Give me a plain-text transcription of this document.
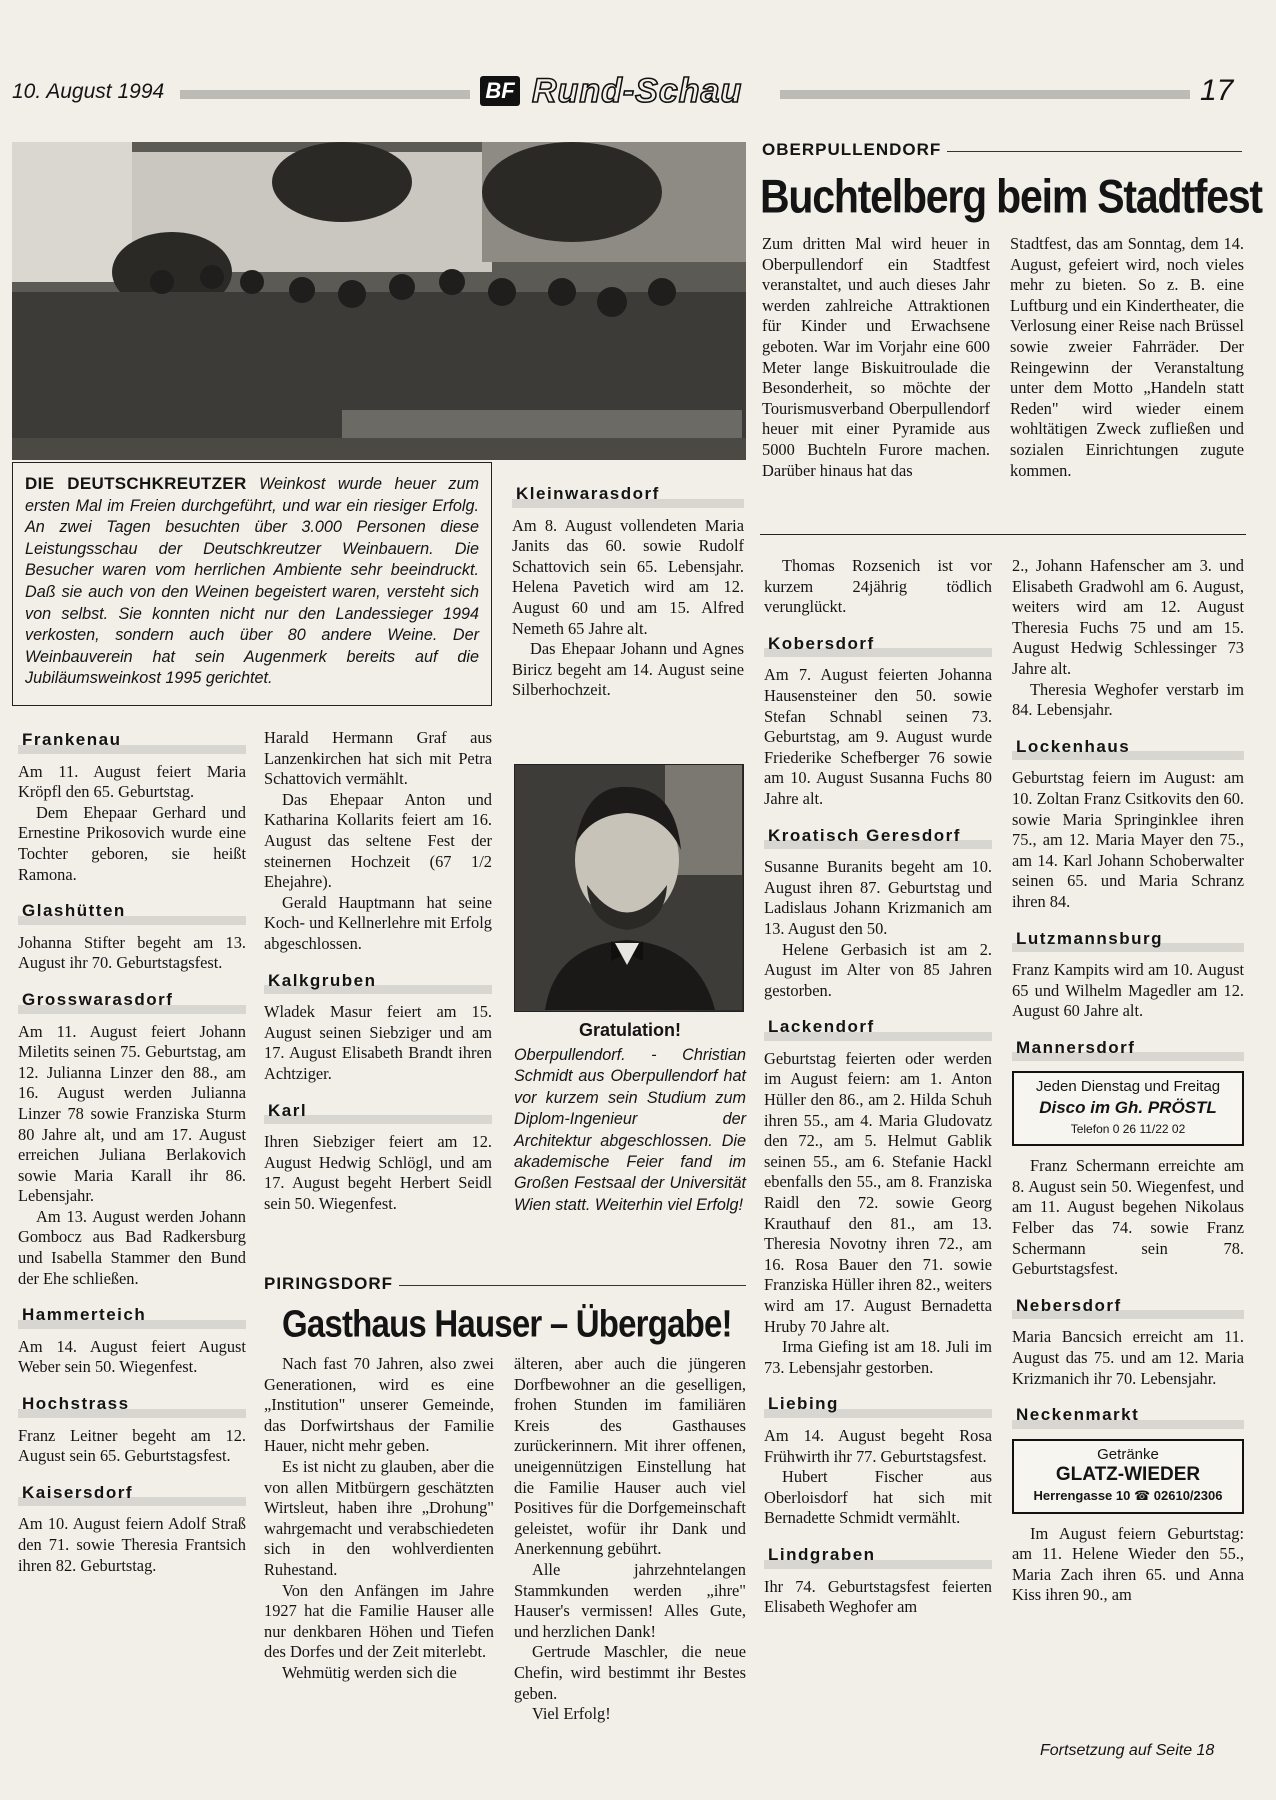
10. August 1994	BF Rund-Schau	17
DIE DEUTSCHKREUTZER Weinkost wurde heuer zum ersten Mal im Freien durchgeführt, und war ein riesiger Erfolg. An zwei Tagen besuchten über 3.000 Personen diese Leistungsschau der Deutschkreutzer Weinbauern. Die Besucher waren vom herrlichen Ambiente sehr beeindruckt. Daß sie auch von den Weinen begeistert waren, versteht sich von selbst. Sie konnten nicht nur den Landessieger 1994 verkosten, sondern auch über 80 andere Weine. Der Weinbauverein hat sein Augenmerk bereits auf die Jubiläumsweinkost 1995 gerichtet.
OBERPULLENDORF
Buchtelberg beim Stadtfest

Zum dritten Mal wird heuer in Oberpullendorf ein Stadtfest veranstaltet, und auch dieses Jahr werden zahlreiche Attraktionen für Kinder und Erwachsene geboten. War im Vorjahr eine 600 Meter lange Biskuitroulade die Besonderheit, so möchte der Tourismusverband Oberpullendorf heuer mit einer Pyramide aus 5000 Buchteln Furore machen. Darüber hinaus hat das

Stadtfest, das am Sonntag, dem 14. August, gefeiert wird, noch vieles mehr zu bieten. So z. B. eine Luftburg und ein Kindertheater, die Verlosung einer Reise nach Brüssel sowie zweier Fahrräder. Der Reingewinn der Veranstaltung unter dem Motto „Handeln statt Reden" wird wieder einem wohltätigen Zweck zufließen und sozialen Einrichtungen zugute kommen.

Frankenau

Am 11. August feiert Maria Kröpfl den 65. Geburtstag.

Dem Ehepaar Gerhard und Ernestine Prikosovich wurde eine Tochter geboren, sie heißt Ramona.

Glashütten

Johanna Stifter begeht am 13. August ihr 70. Geburtstagsfest.

Grosswarasdorf

Am 11. August feiert Johann Miletits seinen 75. Geburtstag, am 12. Julianna Linzer den 88., am 16. August werden Julianna Linzer 78 sowie Franziska Sturm 80 Jahre alt, und am 17. August erreichen Juliana Berlakovich sowie Maria Karall ihr 86. Lebensjahr.

Am 13. August werden Johann Gombocz aus Bad Radkersburg und Isabella Stammer den Bund der Ehe schließen.

Hammerteich

Am 14. August feiert August Weber sein 50. Wiegenfest.

Hochstrass

Franz Leitner begeht am 12. August sein 65. Geburtstagsfest.

Kaisersdorf

Am 10. August feiern Adolf Straß den 71. sowie Theresia Frantsich ihren 82. Geburtstag.

Harald Hermann Graf aus Lanzenkirchen hat sich mit Petra Schattovich vermählt.

Das Ehepaar Anton und Katharina Kollarits feiert am 16. August das seltene Fest der steinernen Hochzeit (67 1/2 Ehejahre).

Gerald Hauptmann hat seine Koch- und Kellnerlehre mit Erfolg abgeschlossen.

Kalkgruben

Wladek Masur feiert am 15. August seinen Siebziger und am 17. August Elisabeth Brandt ihren Achtziger.

Karl

Ihren Siebziger feiert am 12. August Hedwig Schlögl, und am 17. August begeht Herbert Seidl sein 50. Wiegenfest.

Kleinwarasdorf

Am 8. August vollendeten Maria Janits das 60. sowie Rudolf Schattovich sein 65. Lebensjahr. Helena Pavetich wird am 12. August 60 und am 15. Alfred Nemeth 65 Jahre alt.

Das Ehepaar Johann und Agnes Biricz begeht am 14. August seine Silberhochzeit.

Gratulation!
Oberpullendorf. - Christian Schmidt aus Oberpullendorf hat vor kurzem sein Studium zum Diplom-Ingenieur der Architektur abgeschlossen. Die akademische Feier fand im Großen Festsaal der Universität Wien statt. Weiterhin viel Erfolg!
PIRINGSDORF
Gasthaus Hauser – Übergabe!

Nach fast 70 Jahren, also zwei Generationen, wird es eine „Institution" unserer Gemeinde, das Dorfwirtshaus der Familie Hauer, nicht mehr geben.

Es ist nicht zu glauben, aber die von allen Mitbürgern geschätzten Wirtsleut, haben ihre „Drohung" wahrgemacht und verabschiedeten sich in den wohlverdienten Ruhestand.

Von den Anfängen im Jahre 1927 hat die Familie Hauser alle nur denkbaren Höhen und Tiefen des Dorfes und der Zeit miterlebt.

Wehmütig werden sich die

älteren, aber auch die jüngeren Dorfbewohner an die geselligen, frohen Stunden im familiären Kreis des Gasthauses zurückerinnern. Mit ihrer offenen, uneigennützigen Einstellung hat die Familie Hauser auch viel Positives für die Dorfgemeinschaft geleistet, wofür ihr Dank und Anerkennung gebührt.

Alle jahrzehntelangen Stammkunden werden „ihre" Hauser's vermissen! Alles Gute, und herzlichen Dank!

Gertrude Maschler, die neue Chefin, wird bestimmt ihr Bestes geben.

Viel Erfolg!

Thomas Rozsenich ist vor kurzem 24jährig tödlich verunglückt.

Kobersdorf

Am 7. August feierten Johanna Hausensteiner den 50. sowie Stefan Schnabl seinen 73. Geburtstag, am 9. August wurde Friederike Schefberger 76 sowie am 10. August Susanna Fuchs 80 Jahre alt.

Kroatisch Geresdorf

Susanne Buranits begeht am 10. August ihren 87. Geburtstag und Ladislaus Johann Krizmanich am 13. August den 50.

Helene Gerbasich ist am 2. August im Alter von 85 Jahren gestorben.

Lackendorf

Geburtstag feierten oder werden im August feiern: am 1. Anton Hüller den 86., am 2. Hilda Schuh ihren 55., am 4. Maria Gludovatz den 72., am 5. Helmut Gablik seinen 55., am 6. Stefanie Hackl ebenfalls den 55., am 8. Franziska Raidl den 72. sowie Georg Krauthauf den 81., am 13. Theresia Novotny ihren 72., am 16. Rosa Bauer den 71. sowie Franziska Hüller ihren 82., weiters wird am 17. August Bernadetta Hruby 70 Jahre alt.

Irma Giefing ist am 18. Juli im 73. Lebensjahr gestorben.

Liebing

Am 14. August begeht Rosa Frühwirth ihr 77. Geburtstagsfest.

Hubert Fischer aus Oberloisdorf hat sich mit Bernadette Schmidt vermählt.

Lindgraben

Ihr 74. Geburtstagsfest feierten Elisabeth Weghofer am

2., Johann Hafenscher am 3. und Elisabeth Gradwohl am 6. August, weiters wird am 12. August Theresia Fuchs 75 und am 15. August Hedwig Schlessinger 73 Jahre alt.

Theresia Weghofer verstarb im 84. Lebensjahr.

Lockenhaus

Geburtstag feiern im August: am 10. Zoltan Franz Csitkovits den 60. sowie Maria Springinklee ihren 75., am 12. Maria Mayer den 75., am 14. Karl Johann Schoberwalter seinen 65. und Maria Schranz ihren 84.

Lutzmannsburg

Franz Kampits wird am 10. August 65 und Wilhelm Magedler am 12. August 60 Jahre alt.

Mannersdorf
Jeden Dienstag und Freitag
Disco im Gh. PRÖSTL
Telefon 0 26 11/22 02

Franz Schermann erreichte am 8. August sein 50. Wiegenfest, und am 11. August begehen Nikolaus Felber das 74. sowie Franz Schermann sein 78. Geburtstagsfest.

Nebersdorf

Maria Bancsich erreicht am 11. August das 75. und am 12. Maria Krizmanich ihr 70. Lebensjahr.

Neckenmarkt
Getränke
GLATZ-WIEDER
Herrengasse 10 ☎ 02610/2306

Im August feiern Geburtstag: am 11. Helene Wieder den 55., Maria Zach ihren 65. und Anna Kiss ihren 90., am

Fortsetzung auf Seite 18
